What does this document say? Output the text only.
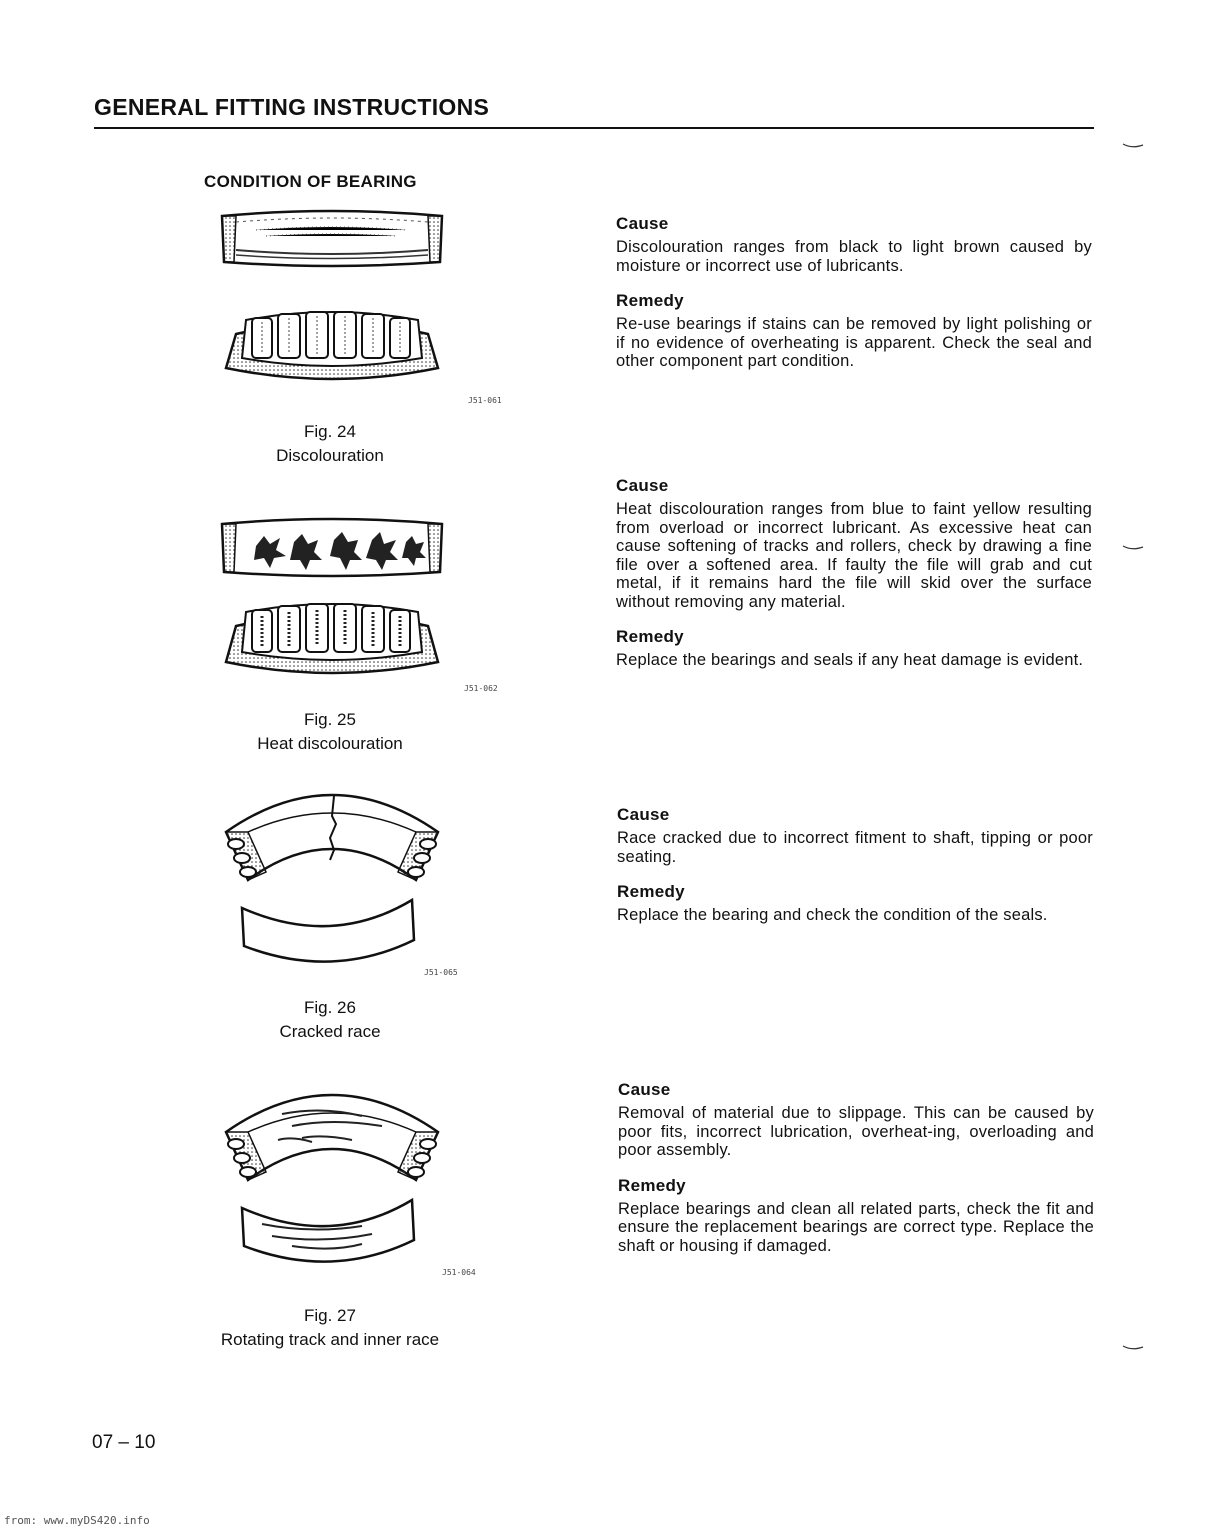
GENERAL FITTING INSTRUCTIONS
CONDITION OF BEARING
J51-061
Fig. 24
Discolouration
J51-062
Fig. 25
Heat discolouration
J51-065
Fig. 26
Cracked race
J51-064
Fig. 27
Rotating track and inner race
Cause

Discolouration ranges from black to light brown caused by moisture or incorrect use of lubricants.

Remedy

Re-use bearings if stains can be removed by light polishing or if no evidence of overheating is apparent. Check the seal and other component part condition.

Cause

Heat discolouration ranges from blue to faint yellow resulting from overload or incorrect lubricant. As excessive heat can cause softening of tracks and rollers, check by drawing a fine file over a softened area. If faulty the file will grab and cut metal, if it remains hard the file will skid over the surface without removing any material.

Remedy

Replace the bearings and seals if any heat damage is evident.

Cause

Race cracked due to incorrect fitment to shaft, tipping or poor seating.

Remedy

Replace the bearing and check the condition of the seals.

Cause

Removal of material due to slippage. This can be caused by poor fits, incorrect lubrication, overheat-ing, overloading and poor assembly.

Remedy

Replace bearings and clean all related parts, check the fit and ensure the replacement bearings are correct type. Replace the shaft or housing if damaged.

07 – 10
from: www.myDS420.info
